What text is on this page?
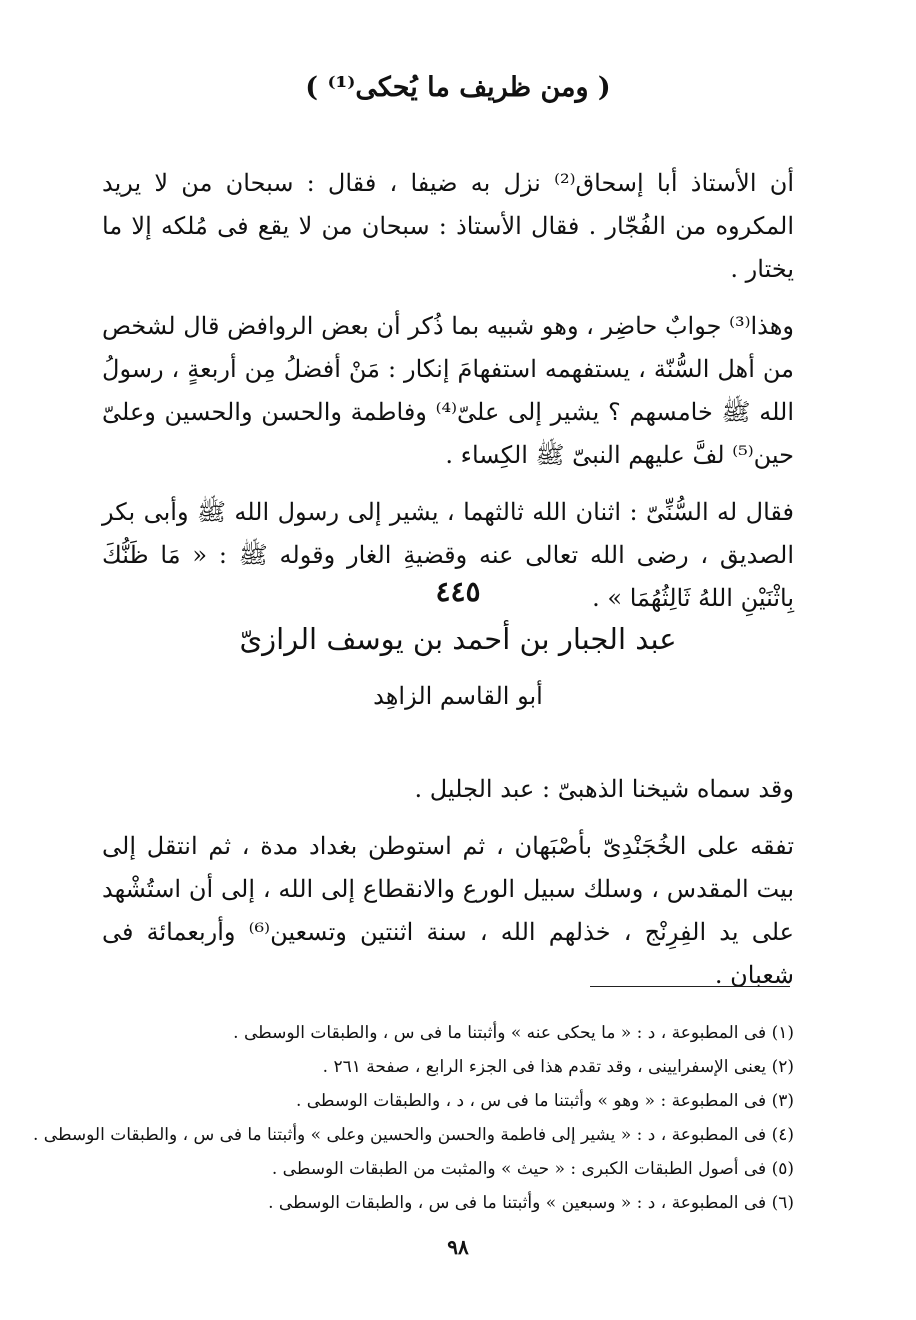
( ومن ظريف ما يُحكى⁽¹⁾ )

أن الأستاذ أبا إسحاق⁽²⁾ نزل به ضيفا ، فقال : سبحان من لا يريد المكروه من الفُجّار . فقال الأستاذ : سبحان من لا يقع فى مُلكه إلا ما يختار .

وهذا⁽³⁾ جوابٌ حاضِر ، وهو شبيه بما ذُكر أن بعض الروافض قال لشخص من أهل السُّنّة ، يستفهمه استفهامَ إنكار : مَنْ أفضلُ مِن أربعةٍ ، رسولُ الله ﷺ خامسهم ؟ يشير إلى علىّ⁽⁴⁾ وفاطمة والحسن والحسين وعلىّ حين⁽⁵⁾ لفَّ عليهم النبىّ ﷺ الكِساء .

فقال له السُّنِّىّ : اثنان الله ثالثهما ، يشير إلى رسول الله ﷺ وأبى بكر الصديق ، رضى الله تعالى عنه وقضيةِ الغار وقوله ﷺ : « مَا ظَنُّكَ بِاثْنَيْنِ اللهُ ثَالِثُهُمَا » .

٤٤٥
عبد الجبار بن أحمد بن يوسف الرازىّ
أبو القاسم الزاهِد

وقد سماه شيخنا الذهبىّ : عبد الجليل .

تفقه على الخُجَنْدِىّ بأصْبَهان ، ثم استوطن بغداد مدة ، ثم انتقل إلى بيت المقدس ، وسلك سبيل الورع والانقطاع إلى الله ، إلى أن استُشْهد على يد الفِرِنْج ، خذلهم الله ، سنة اثنتين وتسعين⁽⁶⁾ وأربعمائة فى شعبان .

(١) فى المطبوعة ، د : « ما يحكى عنه » وأثبتنا ما فى س ، والطبقات الوسطى .

(٢) يعنى الإسفرايينى ، وقد تقدم هذا فى الجزء الرابع ، صفحة ٢٦١ .

(٣) فى المطبوعة : « وهو » وأثبتنا ما فى س ، د ، والطبقات الوسطى .

(٤) فى المطبوعة ، د : « يشير إلى فاطمة والحسن والحسين وعلى » وأثبتنا ما فى س ، والطبقات الوسطى .

(٥) فى أصول الطبقات الكبرى : « حيث » والمثبت من الطبقات الوسطى .

(٦) فى المطبوعة ، د : « وسبعين » وأثبتنا ما فى س ، والطبقات الوسطى .

٩٨
